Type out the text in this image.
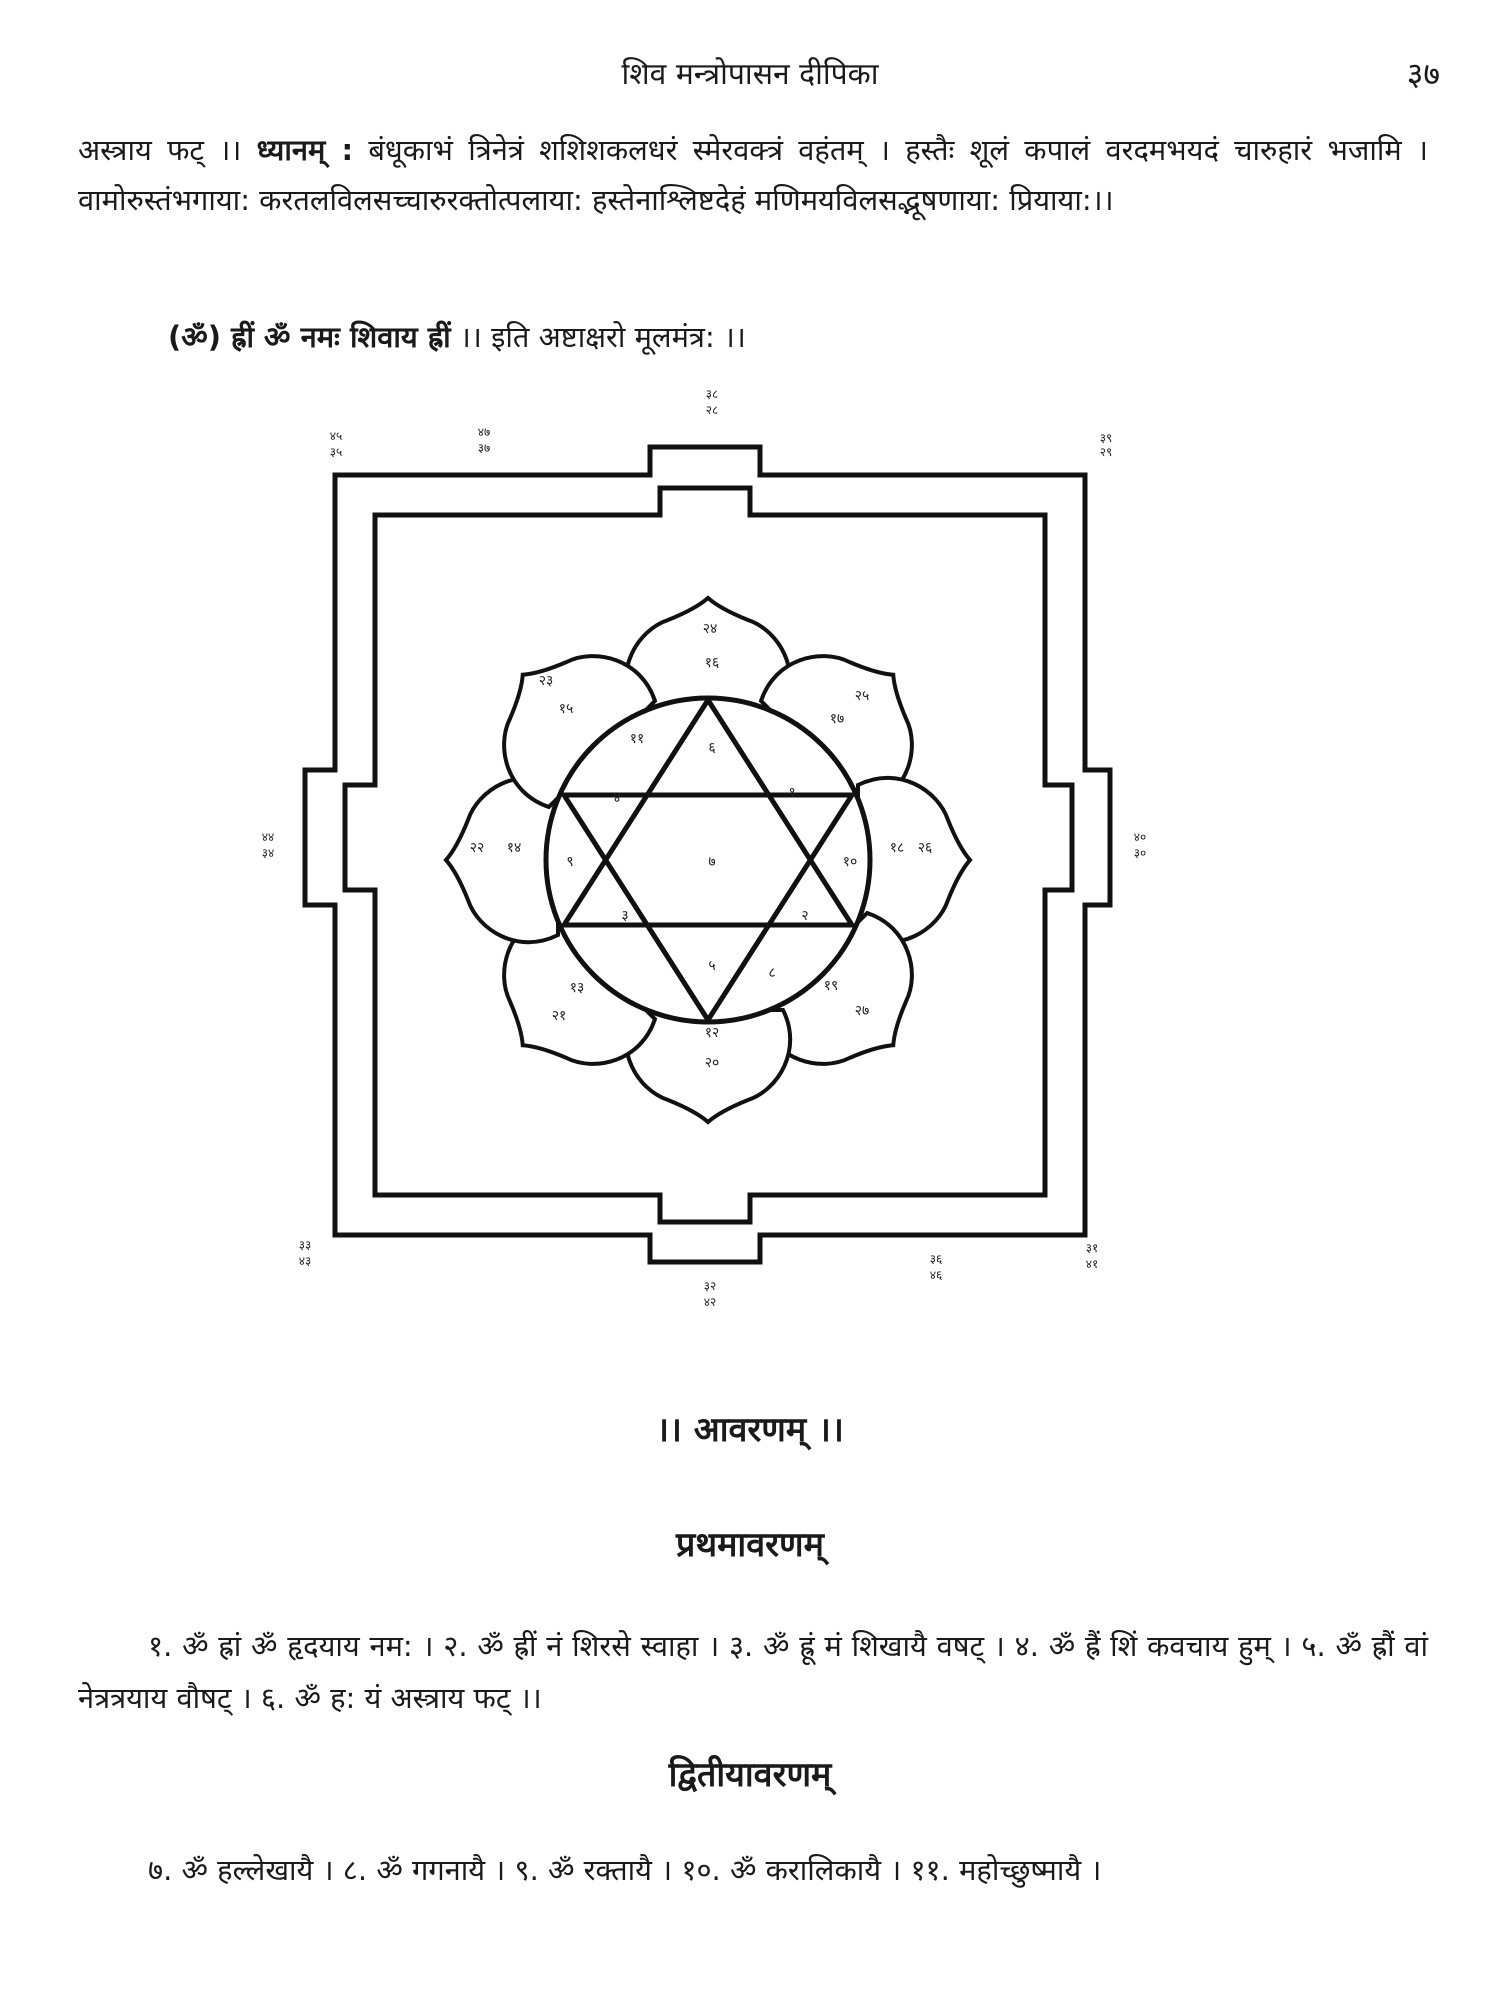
शिव मन्त्रोपासन दीपिका	३७
अस्त्राय फट् ।। ध्यानम् : बंधूकाभं त्रिनेत्रं शशिशकलधरं स्मेरवक्त्रं वहंतम् । हस्तैः शूलं कपालं वरदमभयदं चारुहारं भजामि । वामोरुस्तंभगाया: करतलविलसच्चारुरक्तोत्पलाया: हस्तेनाश्लिष्टदेहं मणिमयविलसद्भूषणाया: प्रियाया:।।
(ॐ) ह्रीं ॐ नमः शिवाय ह्रीं ।। इति अष्टाक्षरो मूलमंत्र: ।।
७
६
१
१०
२
५
३
९
४
११
८
२४
१६
२५
१७
१८ २६
१९
२७
१२
२०
१३
२१
२२ १४
२३
१५
३८
२८
३९
२९
४०
३०
३१
४१
३२
४२
३३
४३
४४
३४
४५
३५
४७
३७
३६
४६
।। आवरणम् ।।
प्रथमावरणम्
१. ॐ ह्रां ॐ हृदयाय नम: । २. ॐ ह्रीं नं शिरसे स्वाहा । ३. ॐ ह्रूं मं शिखायै वषट् । ४. ॐ ह्रैं शिं कवचाय हुम् । ५. ॐ ह्रौं वां नेत्रत्रयाय वौषट् । ६. ॐ ह: यं अस्त्राय फट् ।।
द्वितीयावरणम्
७. ॐ हल्लेखायै । ८. ॐ गगनायै । ९. ॐ रक्तायै । १०. ॐ करालिकायै । ११. महोच्छुष्मायै ।
